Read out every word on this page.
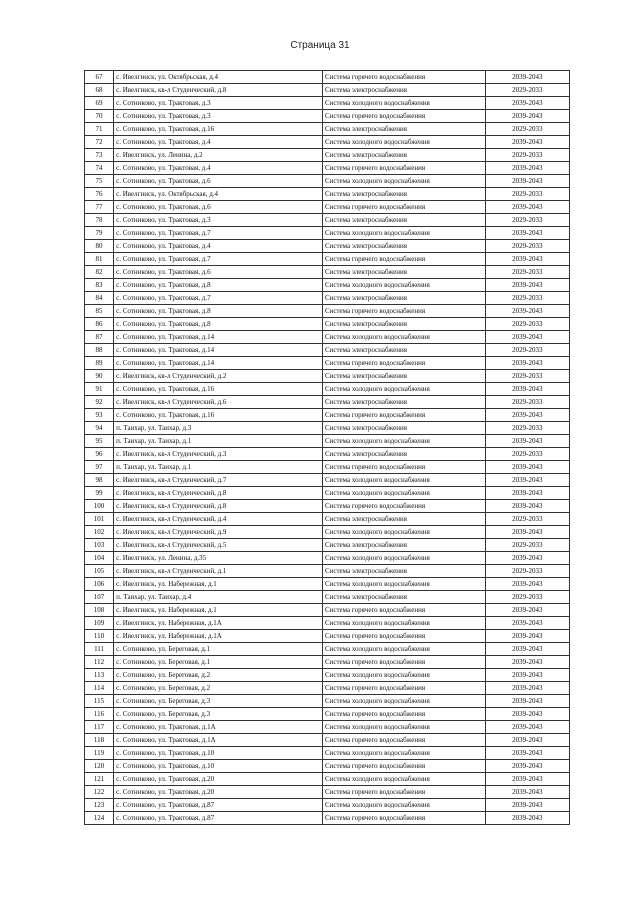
Страница 31
67	с. Ивелгинск, ул. Октябрьская, д.4	Система горячего водоснабжения	2039-2043
68	с. Ивелгинск, кв-л Студенческий, д.8	Система электроснабжения	2029-2033
69	с. Сотниково, ул. Трактовая, д.3	Система холодного водоснабжения	2039-2043
70	с. Сотниково, ул. Трактовая, д.3	Система горячего водоснабжения	2039-2043
71	с. Сотниково, ул. Трактовая, д.16	Система электроснабжения	2029-2033
72	с. Сотниково, ул. Трактовая, д.4	Система холодного водоснабжения	2039-2043
73	с. Ивелгинск, ул. Ленина, д.2	Система электроснабжения	2029-2033
74	с. Сотниково, ул. Трактовая, д.4	Система горячего водоснабжения	2039-2043
75	с. Сотниково, ул. Трактовая, д.6	Система холодного водоснабжения	2039-2043
76	с. Ивелгинск, ул. Октябрьская, д.4	Система электроснабжения	2029-2033
77	с. Сотниково, ул. Трактовая, д.6	Система горячего водоснабжения	2039-2043
78	с. Сотниково, ул. Трактовая, д.3	Система электроснабжения	2029-2033
79	с. Сотниково, ул. Трактовая, д.7	Система холодного водоснабжения	2039-2043
80	с. Сотниково, ул. Трактовая, д.4	Система электроснабжения	2029-2033
81	с. Сотниково, ул. Трактовая, д.7	Система горячего водоснабжения	2039-2043
82	с. Сотниково, ул. Трактовая, д.6	Система электроснабжения	2029-2033
83	с. Сотниково, ул. Трактовая, д.8	Система холодного водоснабжения	2039-2043
84	с. Сотниково, ул. Трактовая, д.7	Система электроснабжения	2029-2033
85	с. Сотниково, ул. Трактовая, д.8	Система горячего водоснабжения	2039-2043
86	с. Сотниково, ул. Трактовая, д.8	Система электроснабжения	2029-2033
87	с. Сотниково, ул. Трактовая, д.14	Система холодного водоснабжения	2039-2043
88	с. Сотниково, ул. Трактовая, д.14	Система электроснабжения	2029-2033
89	с. Сотниково, ул. Трактовая, д.14	Система горячего водоснабжения	2039-2043
90	с. Ивелгинск, кв-л Студенческий, д.2	Система электроснабжения	2029-2033
91	с. Сотниково, ул. Трактовая, д.16	Система холодного водоснабжения	2039-2043
92	с. Ивелгинск, кв-л Студенческий, д.6	Система электроснабжения	2029-2033
93	с. Сотниково, ул. Трактовая, д.16	Система горячего водоснабжения	2039-2043
94	п. Таихар, ул. Таихар, д.3	Система электроснабжения	2029-2033
95	п. Таихар, ул. Таихар, д.1	Система холодного водоснабжения	2039-2043
96	с. Ивелгинск, кв-л Студенческий, д.3	Система электроснабжения	2029-2033
97	п. Таихар, ул. Таихар, д.1	Система горячего водоснабжения	2039-2043
98	с. Ивелгинск, кв-л Студенческий, д.7	Система холодного водоснабжения	2039-2043
99	с. Ивелгинск, кв-л Студенческий, д.8	Система холодного водоснабжения	2039-2043
100	с. Ивелгинск, кв-л Студенческий, д.8	Система горячего водоснабжения	2039-2043
101	с. Ивелгинск, кв-л Студенческий, д.4	Система электроснабжения	2029-2033
102	с. Ивелгинск, кв-л Студенческий, д.9	Система холодного водоснабжения	2039-2043
103	с. Ивелгинск, кв-л Студенческий, д.5	Система электроснабжения	2029-2033
104	с. Ивелгинск, ул. Ленина, д.35	Система холодного водоснабжения	2039-2043
105	с. Ивелгинск, кв-л Студенческий, д.1	Система электроснабжения	2029-2033
106	с. Ивелгинск, ул. Набережная, д.1	Система холодного водоснабжения	2039-2043
107	п. Таихар, ул. Таихар, д.4	Система электроснабжения	2029-2033
108	с. Ивелгинск, ул. Набережная, д.1	Система горячего водоснабжения	2039-2043
109	с. Ивелгинск, ул. Набережная, д.1А	Система холодного водоснабжения	2039-2043
110	с. Ивелгинск, ул. Набережная, д.1А	Система горячего водоснабжения	2039-2043
111	с. Сотниково, ул. Береговая, д.1	Система холодного водоснабжения	2039-2043
112	с. Сотниково, ул. Береговая, д.1	Система горячего водоснабжения	2039-2043
113	с. Сотниково, ул. Береговая, д.2	Система холодного водоснабжения	2039-2043
114	с. Сотниково, ул. Береговая, д.2	Система горячего водоснабжения	2039-2043
115	с. Сотниково, ул. Береговая, д.3	Система холодного водоснабжения	2039-2043
116	с. Сотниково, ул. Береговая, д.3	Система горячего водоснабжения	2039-2043
117	с. Сотниково, ул. Трактовая, д.1А	Система холодного водоснабжения	2039-2043
118	с. Сотниково, ул. Трактовая, д.1А	Система горячего водоснабжения	2039-2043
119	с. Сотниково, ул. Трактовая, д.10	Система холодного водоснабжения	2039-2043
120	с. Сотниково, ул. Трактовая, д.10	Система горячего водоснабжения	2039-2043
121	с. Сотниково, ул. Трактовая, д.20	Система холодного водоснабжения	2039-2043
122	с. Сотниково, ул. Трактовая, д.20	Система горячего водоснабжения	2039-2043
123	с. Сотниково, ул. Трактовая, д.87	Система холодного водоснабжения	2039-2043
124	с. Сотниково, ул. Трактовая, д.87	Система горячего водоснабжения	2039-2043
